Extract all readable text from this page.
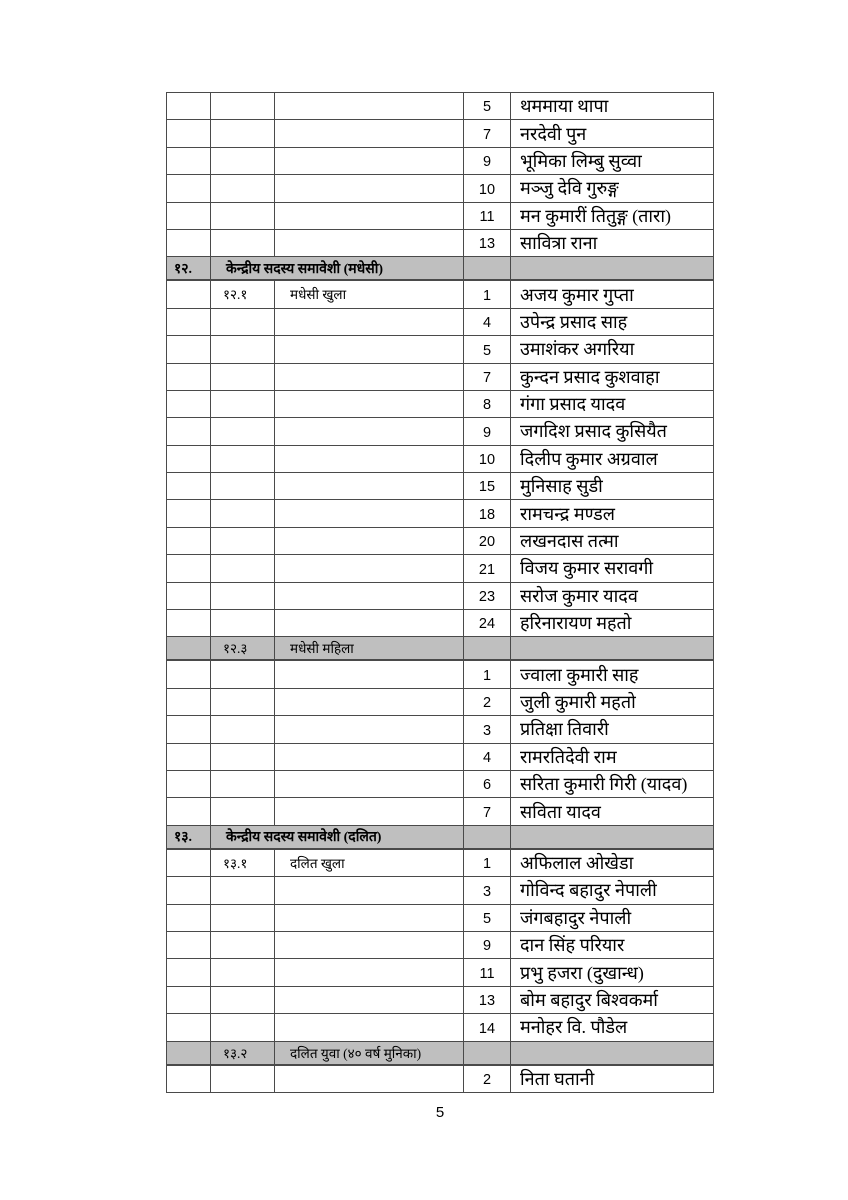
5	थममाया थापा
7	नरदेवी पुन
9	भूमिका लिम्बु सुव्वा
10	मञ्जु देवि गुरुङ्ग
11	मन कुमारीं तितुङ्ग (तारा)
13	सावित्रा राना
१२.	केन्द्रीय सदस्य समावेशी (मधेसी)
१२.१	मधेसी खुला	1	अजय कुमार गुप्ता
4	उपेन्द्र प्रसाद साह
5	उमाशंकर अगरिया
7	कुन्दन प्रसाद कुशवाहा
8	गंगा प्रसाद यादव
9	जगदिश प्रसाद कुसियैत
10	दिलीप कुमार अग्रवाल
15	मुनिसाह सुडी
18	रामचन्द्र मण्डल
20	लखनदास तत्मा
21	विजय कुमार सरावगी
23	सरोज कुमार यादव
24	हरिनारायण महतो
१२.३	मधेसी महिला
1	ज्वाला कुमारी साह
2	जुली कुमारी महतो
3	प्रतिक्षा तिवारी
4	रामरतिदेवी राम
6	सरिता कुमारी गिरी (यादव)
7	सविता यादव
१३.	केन्द्रीय सदस्य समावेशी (दलित)
१३.१	दलित खुला	1	अफिलाल ओखेडा
3	गोविन्द बहादुर नेपाली
5	जंगबहादुर नेपाली
9	दान सिंह परियार
11	प्रभु हजरा (दुखान्ध)
13	बोम बहादुर बिश्वकर्मा
14	मनोहर वि. पौडेल
१३.२	दलित युवा (४० वर्ष मुनिका)
2	निता घतानी
5
